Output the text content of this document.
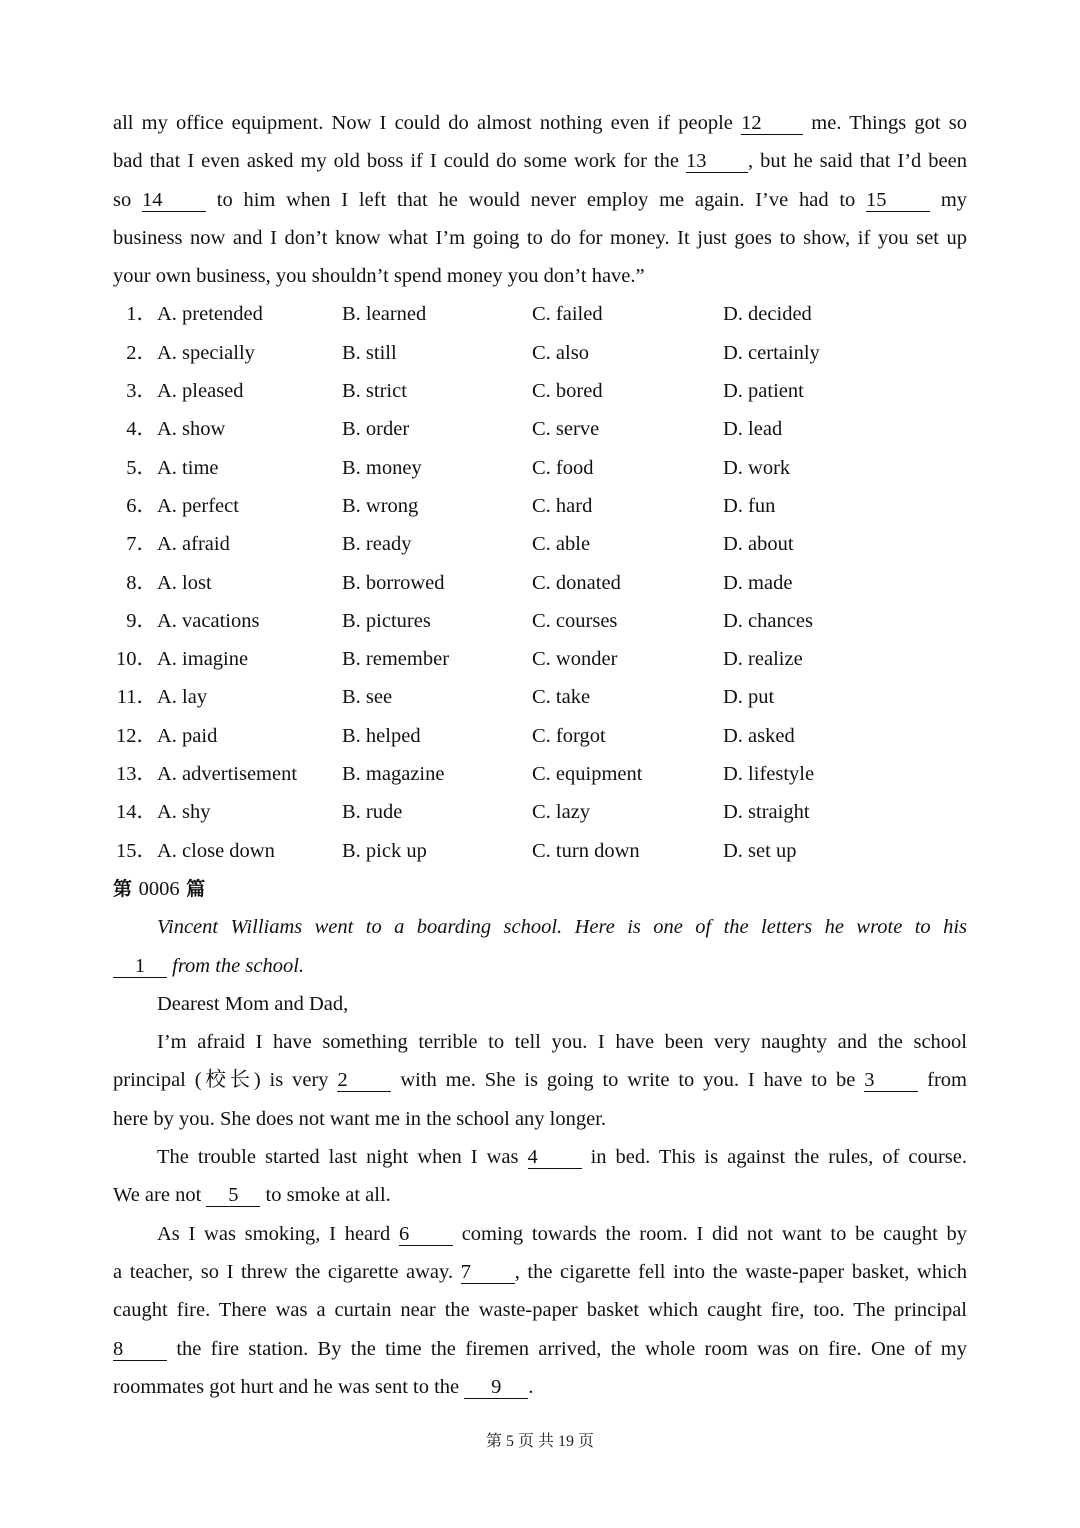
all my office equipment. Now I could do almost nothing even if people 12 me. Things got so
bad that I even asked my old boss if I could do some work for the 13 , but he said that I’d been
so 14	to him when I left that he would never employ me again. I’ve had to 15	my
business now and I don’t know what I’m going to do for money. It just goes to show, if you set up
your own business, you shouldn’t spend money you don’t have.”
1． A. pretended	B. learned	C. failed	D. decided
2． A. specially	B. still	C. also	D. certainly
3． A. pleased	B. strict	C. bored	D. patient
4． A. show	B. order	C. serve	D. lead
5． A. time	B. money	C. food	D. work
6． A. perfect	B. wrong	C. hard	D. fun
7． A. afraid	B. ready	C. able	D. about
8． A. lost	B. borrowed	C. donated	D. made
9． A. vacations	B. pictures	C. courses	D. chances
10． A. imagine	B. remember	C. wonder	D. realize
11． A. lay	B. see	C. take	D. put
12． A. paid	B. helped	C. forgot	D. asked
13． A. advertisement	B. magazine	C. equipment	D. lifestyle
14． A. shy	B. rude	C. lazy	D. straight
15． A. close down	B. pick up	C. turn down	D. set up
第 0006 篇
Vincent Williams went to a boarding school. Here is one of the letters he wrote to his
1 from the school.
Dearest Mom and Dad,
I’m afraid I have something terrible to tell you. I have been very naughty and the school
principal (校长) is very 2	with me. She is going to write to you. I have to be 3	from
here by you. She does not want me in the school any longer.
The trouble started last night when I was 4	in bed. This is against the rules, of course.
We are not 5 to smoke at all.
As I was smoking, I heard 6	coming towards the room. I did not want to be caught by
a teacher, so I threw the cigarette away. 7 , the cigarette fell into the waste-paper basket, which
caught fire. There was a curtain near the waste-paper basket which caught fire, too. The principal
8	the fire station. By the time the firemen arrived, the whole room was on fire. One of my
roommates got hurt and he was sent to the 9 .
第 5 页 共 19 页
